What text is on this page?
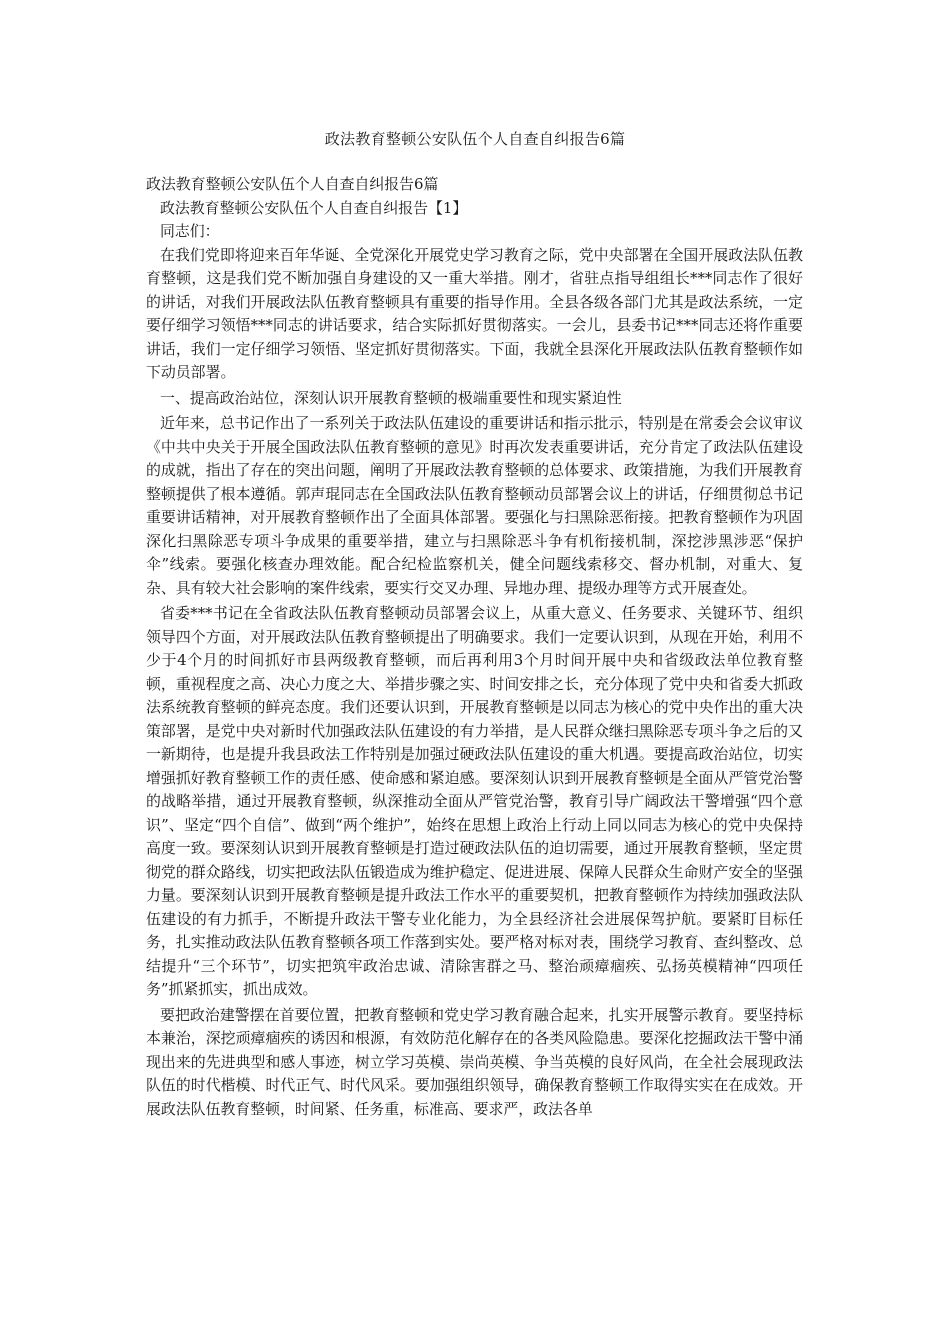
政法教育整顿公安队伍个人自查自纠报告6篇

政法教育整顿公安队伍个人自查自纠报告6篇

政法教育整顿公安队伍个人自查自纠报告【1】

同志们：

在我们党即将迎来百年华诞、全党深化开展党史学习教育之际，党中央部署在全国开展政法队伍教育整顿，这是我们党不断加强自身建设的又一重大举措。刚才，省驻点指导组组长***同志作了很好的讲话，对我们开展政法队伍教育整顿具有重要的指导作用。全县各级各部门尤其是政法系统，一定要仔细学习领悟***同志的讲话要求，结合实际抓好贯彻落实。一会儿，县委书记***同志还将作重要讲话，我们一定仔细学习领悟、坚定抓好贯彻落实。下面，我就全县深化开展政法队伍教育整顿作如下动员部署。

一、提高政治站位，深刻认识开展教育整顿的极端重要性和现实紧迫性

近年来，总书记作出了一系列关于政法队伍建设的重要讲话和指示批示，特别是在常委会会议审议《中共中央关于开展全国政法队伍教育整顿的意见》时再次发表重要讲话，充分肯定了政法队伍建设的成就，指出了存在的突出问题，阐明了开展政法教育整顿的总体要求、政策措施，为我们开展教育整顿提供了根本遵循。郭声琨同志在全国政法队伍教育整顿动员部署会议上的讲话，仔细贯彻总书记重要讲话精神，对开展教育整顿作出了全面具体部署。要强化与扫黑除恶衔接。把教育整顿作为巩固深化扫黑除恶专项斗争成果的重要举措，建立与扫黑除恶斗争有机衔接机制，深挖涉黑涉恶“保护伞”线索。要强化核查办理效能。配合纪检监察机关，健全问题线索移交、督办机制，对重大、复杂、具有较大社会影响的案件线索，要实行交叉办理、异地办理、提级办理等方式开展查处。

省委***书记在全省政法队伍教育整顿动员部署会议上，从重大意义、任务要求、关键环节、组织领导四个方面，对开展政法队伍教育整顿提出了明确要求。我们一定要认识到，从现在开始，利用不少于4个月的时间抓好市县两级教育整顿，而后再利用3个月时间开展中央和省级政法单位教育整顿，重视程度之高、决心力度之大、举措步骤之实、时间安排之长，充分体现了党中央和省委大抓政法系统教育整顿的鲜亮态度。我们还要认识到，开展教育整顿是以同志为核心的党中央作出的重大决策部署，是党中央对新时代加强政法队伍建设的有力举措，是人民群众继扫黑除恶专项斗争之后的又一新期待，也是提升我县政法工作特别是加强过硬政法队伍建设的重大机遇。要提高政治站位，切实增强抓好教育整顿工作的责任感、使命感和紧迫感。要深刻认识到开展教育整顿是全面从严管党治警的战略举措，通过开展教育整顿，纵深推动全面从严管党治警，教育引导广阔政法干警增强“四个意识”、坚定“四个自信”、做到“两个维护”，始终在思想上政治上行动上同以同志为核心的党中央保持高度一致。要深刻认识到开展教育整顿是打造过硬政法队伍的迫切需要，通过开展教育整顿，坚定贯彻党的群众路线，切实把政法队伍锻造成为维护稳定、促进进展、保障人民群众生命财产安全的坚强力量。要深刻认识到开展教育整顿是提升政法工作水平的重要契机，把教育整顿作为持续加强政法队伍建设的有力抓手，不断提升政法干警专业化能力，为全县经济社会进展保驾护航。要紧盯目标任务，扎实推动政法队伍教育整顿各项工作落到实处。要严格对标对表，围绕学习教育、查纠整改、总结提升“三个环节”，切实把筑牢政治忠诚、清除害群之马、整治顽瘴痼疾、弘扬英模精神“四项任务”抓紧抓实，抓出成效。

要把政治建警摆在首要位置，把教育整顿和党史学习教育融合起来，扎实开展警示教育。要坚持标本兼治，深挖顽瘴痼疾的诱因和根源，有效防范化解存在的各类风险隐患。要深化挖掘政法干警中涌现出来的先进典型和感人事迹，树立学习英模、崇尚英模、争当英模的良好风尚，在全社会展现政法队伍的时代楷模、时代正气、时代风采。要加强组织领导，确保教育整顿工作取得实实在在成效。开展政法队伍教育整顿，时间紧、任务重，标准高、要求严，政法各单
